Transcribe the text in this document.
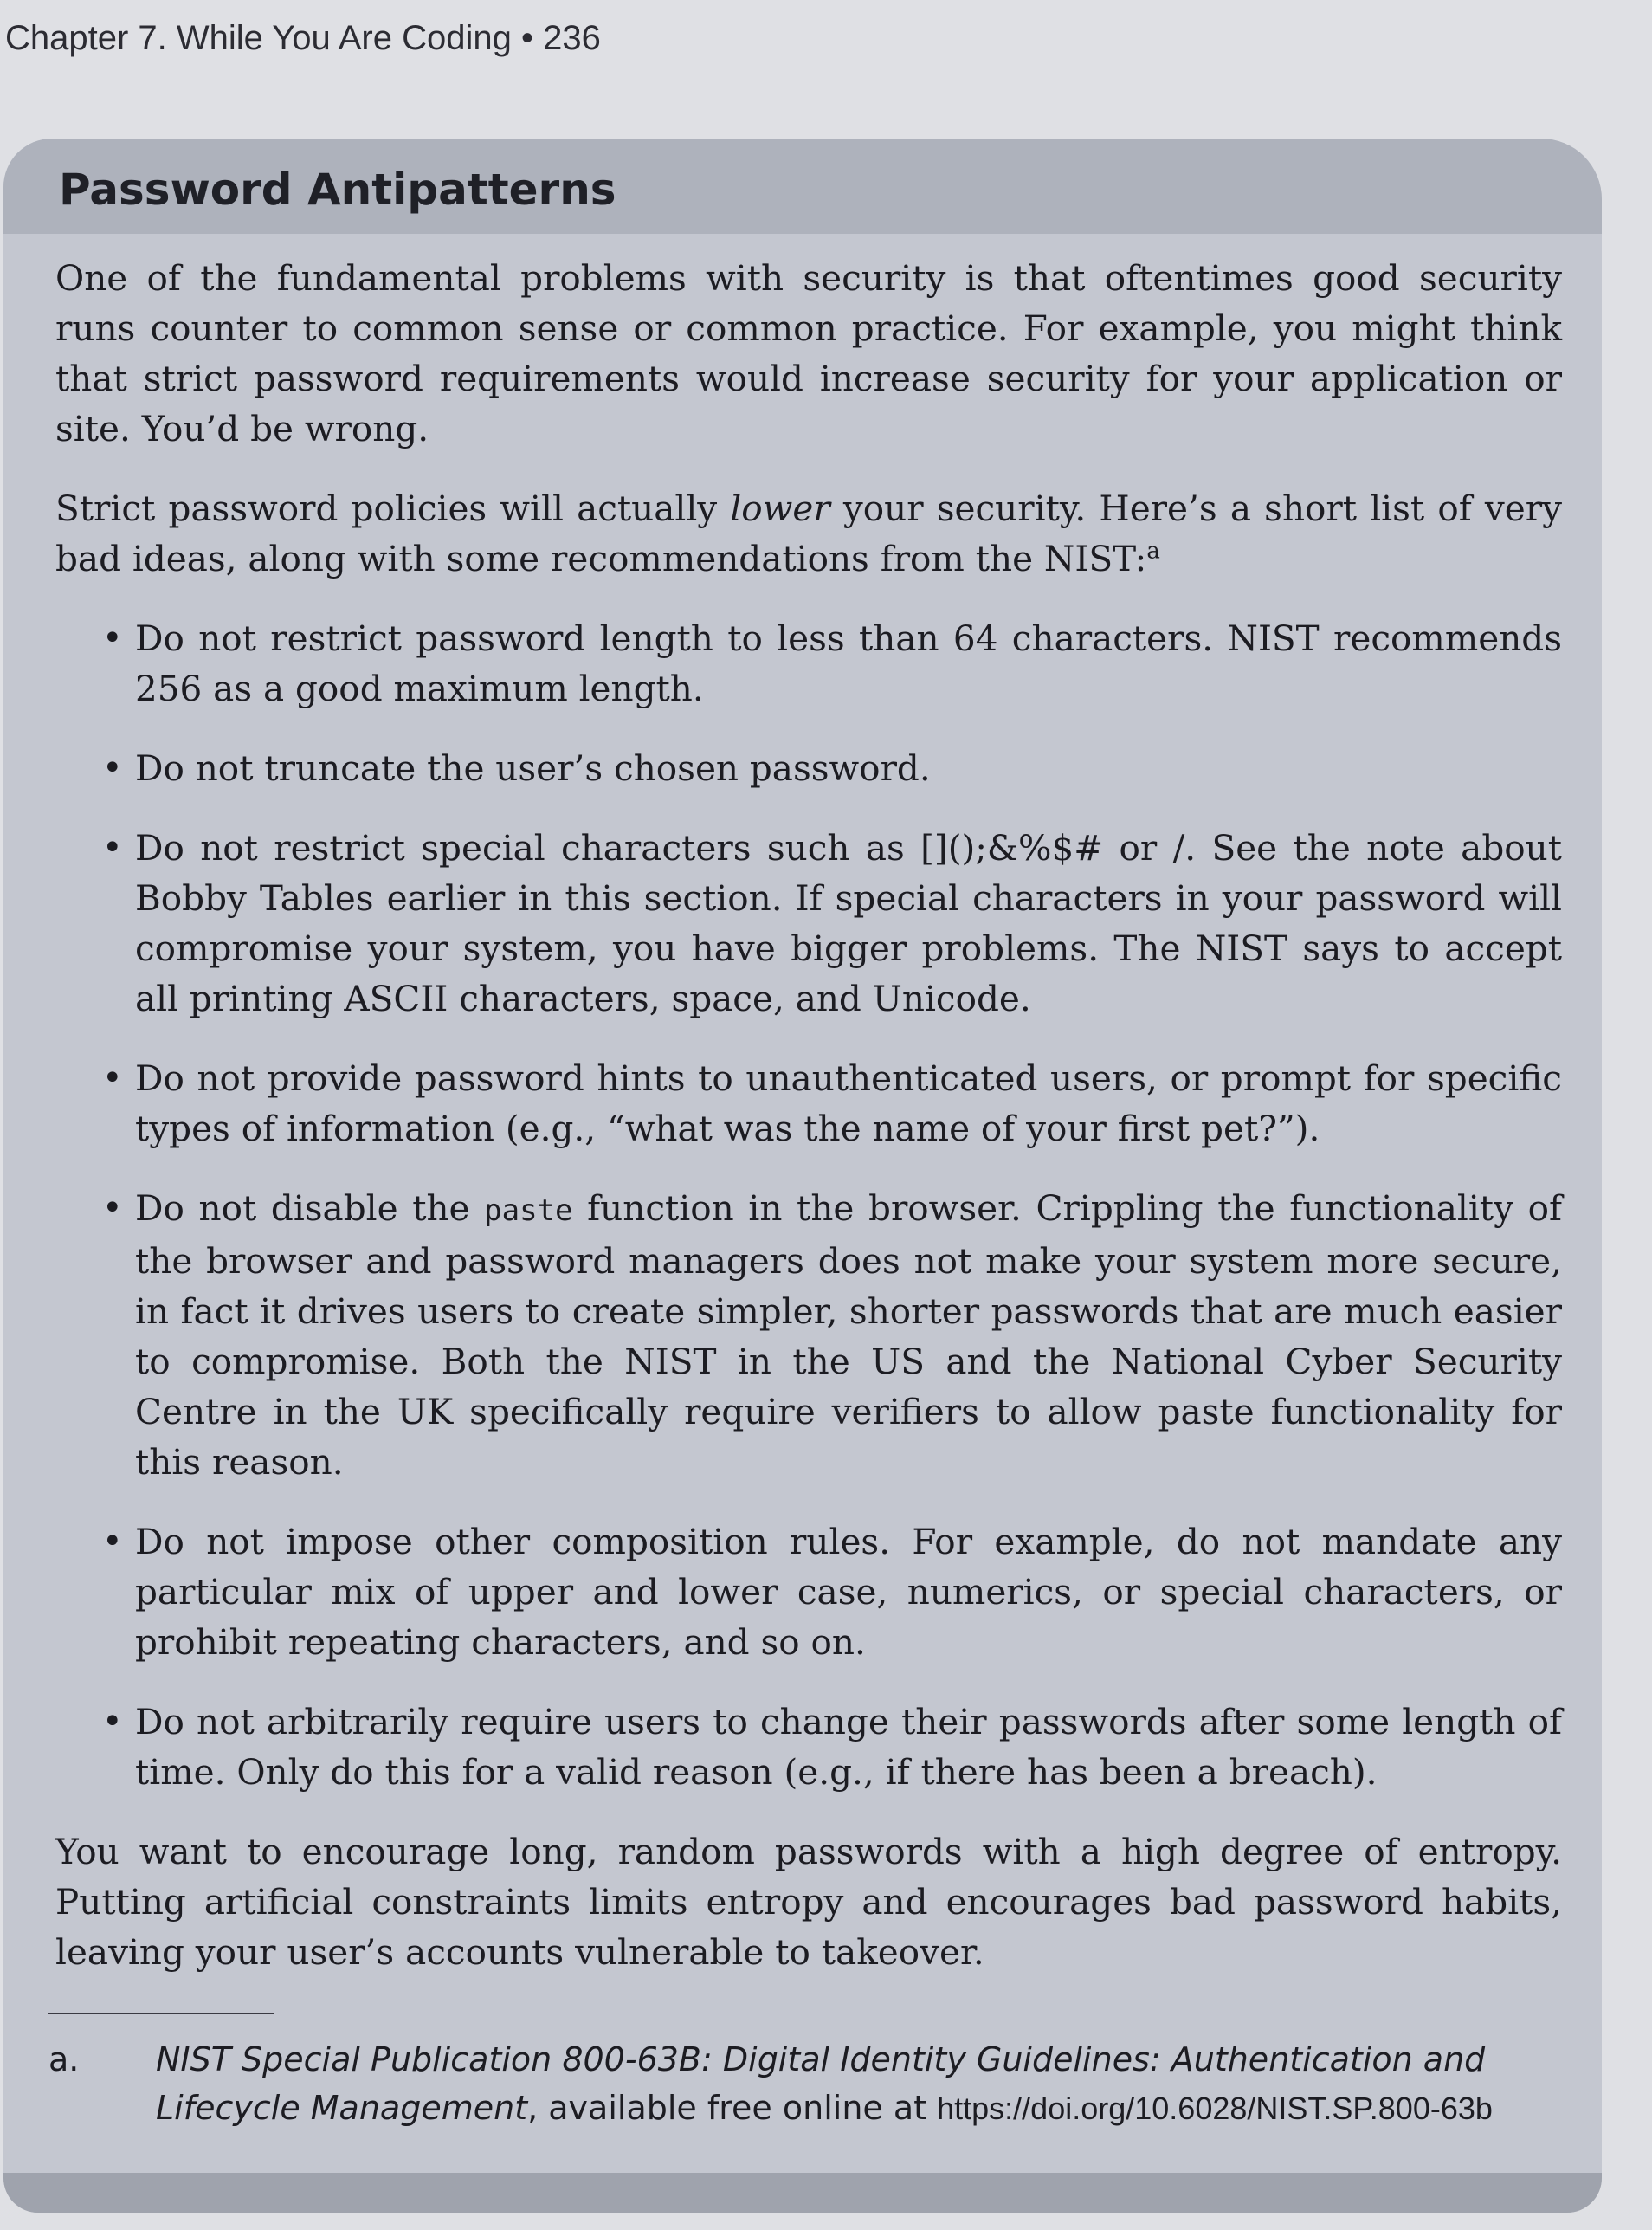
Chapter 7. While You Are Coding • 236
Password Antipatterns

One of the fundamental problems with security is that oftentimes good security runs counter to common sense or common practice. For example, you might think that strict password requirements would increase security for your application or site. You’d be wrong.

Strict password policies will actually lower your security. Here’s a short list of very bad ideas, along with some recommendations from the NIST:$^a$

• Do not restrict password length to less than 64 characters. NIST recommends 256 as a good maximum length.
• Do not truncate the user’s chosen password.
• Do not restrict special characters such as []();&%$# or /. See the note about Bobby Tables earlier in this section. If special characters in your password will compromise your system, you have bigger problems. The NIST says to accept all printing ASCII characters, space, and Unicode.
• Do not provide password hints to unauthenticated users, or prompt for specific types of information (e.g., “what was the name of your first pet?”).
• Do not disable the paste function in the browser. Crippling the functionality of the browser and password managers does not make your system more secure, in fact it drives users to create simpler, shorter passwords that are much easier to compromise. Both the NIST in the US and the National Cyber Security Centre in the UK specifically require verifiers to allow paste functionality for this reason.
• Do not impose other composition rules. For example, do not mandate any particular mix of upper and lower case, numerics, or special characters, or prohibit repeating characters, and so on.
• Do not arbitrarily require users to change their passwords after some length of time. Only do this for a valid reason (e.g., if there has been a breach).

You want to encourage long, random passwords with a high degree of entropy. Putting artificial constraints limits entropy and encourages bad password habits, leaving your user’s accounts vulnerable to takeover.

a.	NIST Special Publication 800-63B: Digital Identity Guidelines: Authentication and Lifecycle Management, available free online at https://doi.org/10.6028/NIST.SP.800-63b
